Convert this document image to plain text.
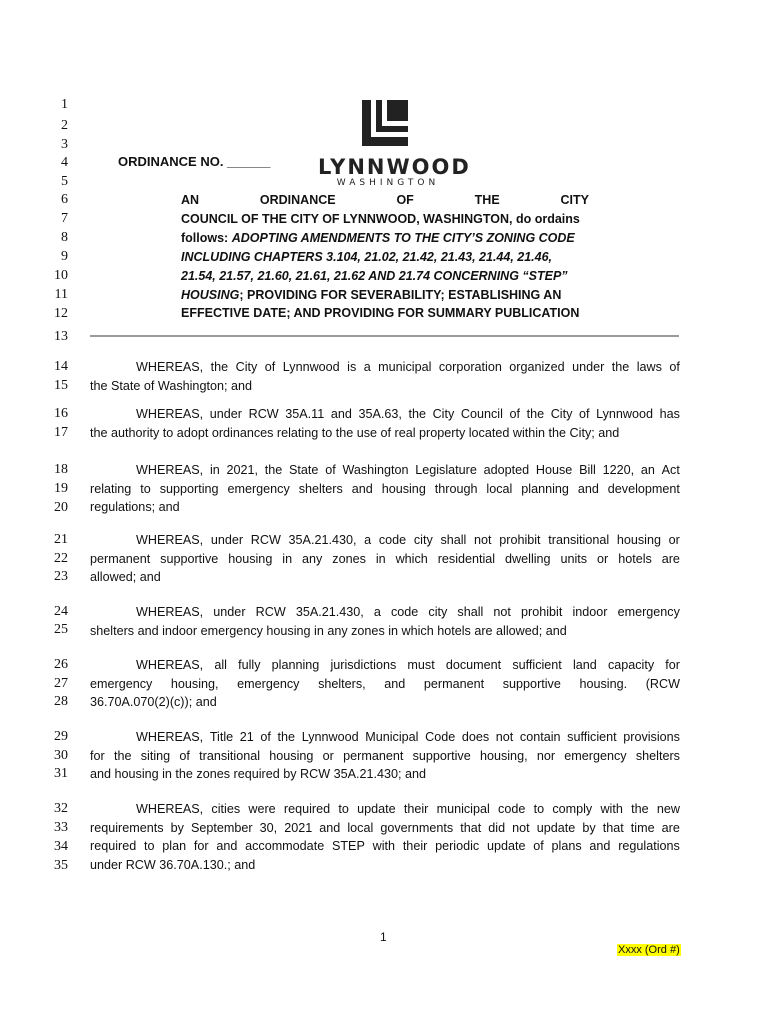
1
2
3
4
5
6
7
8
9
10
11
12
13
14
15
16
17
18
19
20
21
22
23
24
25
26
27
28
29
30
31
32
33
34
35
LYNNWOOD
WASHINGTON
ORDINANCE NO. ______
AN	ORDINANCE	OF	THE	CITY
COUNCIL OF THE CITY OF LYNNWOOD, WASHINGTON, do ordains
follows: ADOPTING AMENDMENTS TO THE CITY’S ZONING CODE
INCLUDING CHAPTERS 3.104, 21.02, 21.42, 21.43, 21.44, 21.46,
21.54, 21.57, 21.60, 21.61, 21.62 AND 21.74 CONCERNING “STEP”
HOUSING; PROVIDING FOR SEVERABILITY; ESTABLISHING AN
EFFECTIVE DATE; AND PROVIDING FOR SUMMARY PUBLICATION
WHEREAS, the City of Lynnwood is a municipal corporation organized under the laws of
the State of Washington; and
WHEREAS, under RCW 35A.11 and 35A.63, the City Council of the City of Lynnwood has
the authority to adopt ordinances relating to the use of real property located within the City; and
WHEREAS, in 2021, the State of Washington Legislature adopted House Bill 1220, an Act
relating to supporting emergency shelters and housing through local planning and development
regulations; and
WHEREAS, under RCW 35A.21.430, a code city shall not prohibit transitional housing or
permanent supportive housing in any zones in which residential dwelling units or hotels are
allowed; and
WHEREAS, under RCW 35A.21.430, a code city shall not prohibit indoor emergency
shelters and indoor emergency housing in any zones in which hotels are allowed; and
WHEREAS, all fully planning jurisdictions must document sufficient land capacity for
emergency housing, emergency shelters, and permanent supportive housing. (RCW
36.70A.070(2)(c)); and
WHEREAS, Title 21 of the Lynnwood Municipal Code does not contain sufficient provisions
for the siting of transitional housing or permanent supportive housing, nor emergency shelters
and housing in the zones required by RCW 35A.21.430; and
WHEREAS, cities were required to update their municipal code to comply with the new
requirements by September 30, 2021 and local governments that did not update by that time are
required to plan for and accommodate STEP with their periodic update of plans and regulations
under RCW 36.70A.130.; and
1
Xxxx (Ord #)
